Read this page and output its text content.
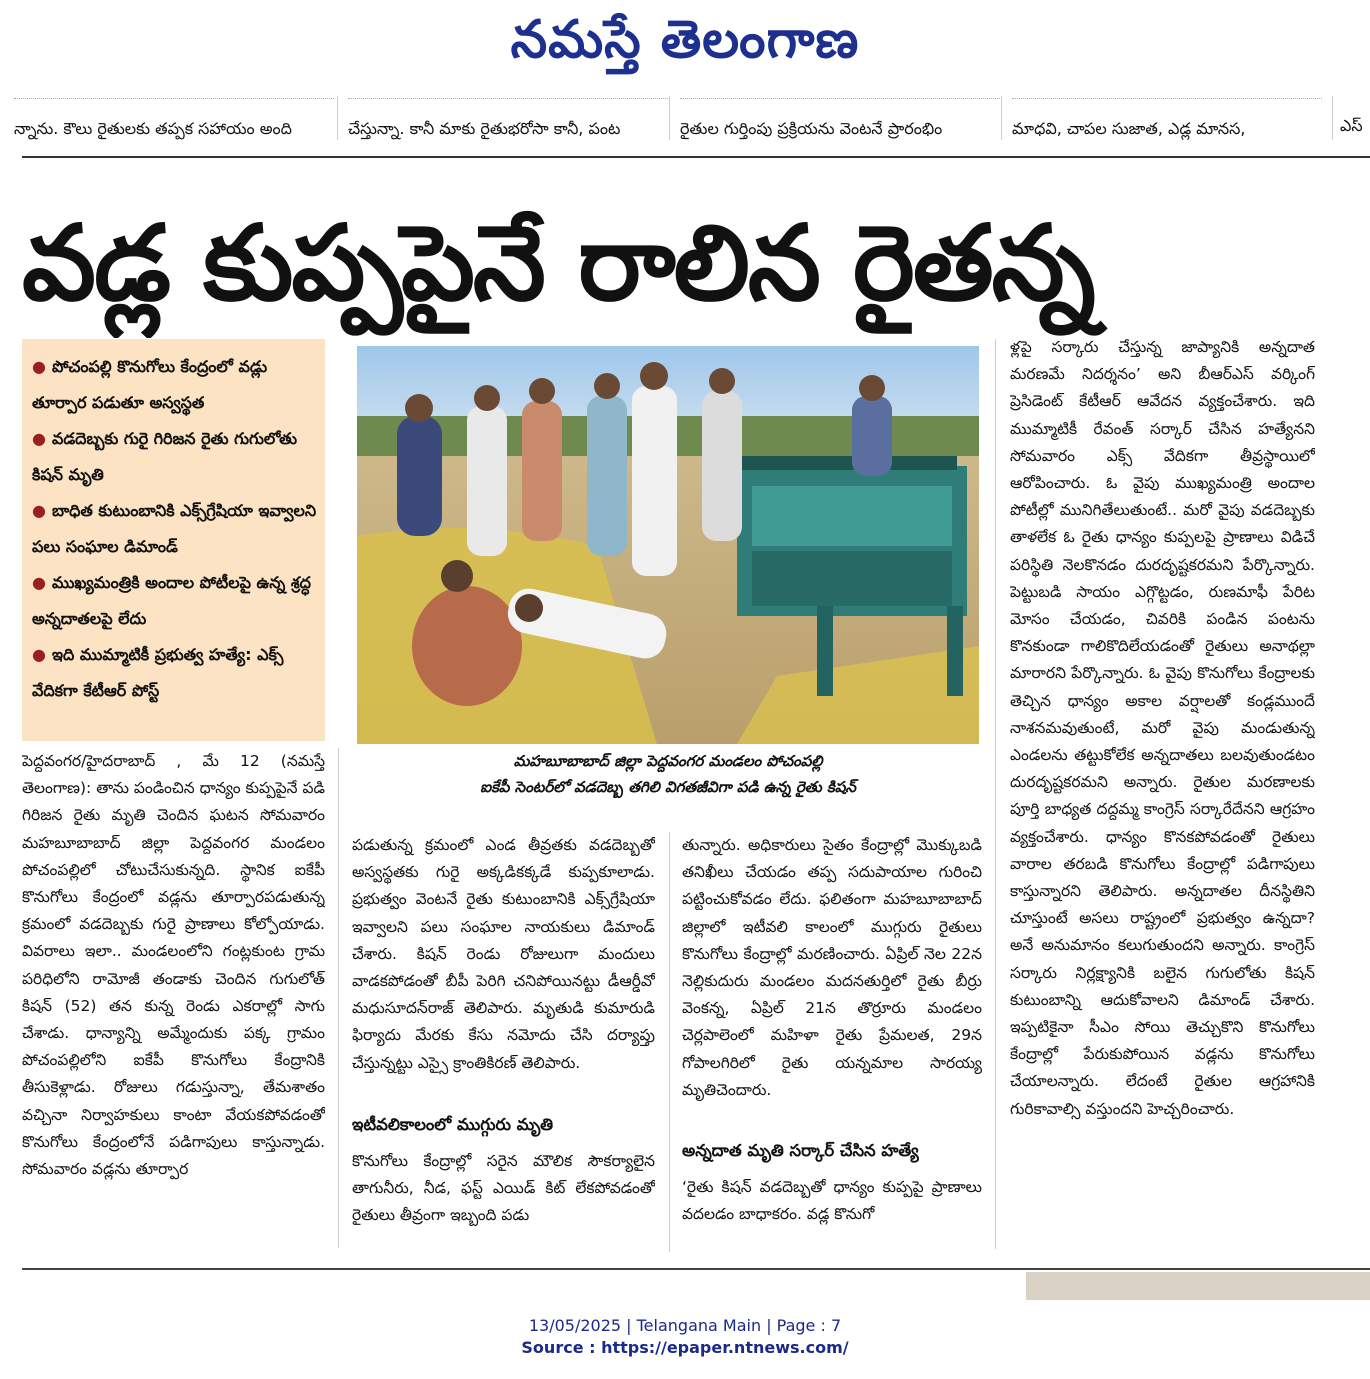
నమస్తే తెలంగాణ
న్నాను. కౌలు రైతులకు తప్పక సహాయం అంది	చేస్తున్నా. కానీ మాకు రైతుభరోసా కానీ, పంట	రైతుల గుర్తింపు ప్రక్రియను వెంటనే ప్రారంభిం	మాధవి, చాపల సుజాత, ఎడ్ల మానస,	ఎస్
వడ్ల కుప్పపైనే రాలిన రైతన్న
● పోచంపల్లి కొనుగోలు కేంద్రంలో వడ్లు తూర్పార పడుతూ అస్వస్థత
● వడదెబ్బకు గురై గిరిజన రైతు గుగులోతు కిషన్ మృతి
● బాధిత కుటుంబానికి ఎక్స్‌గ్రేషియా ఇవ్వాలని పలు సంఘాల డిమాండ్
● ముఖ్యమంత్రికి అందాల పోటీలపై ఉన్న శ్రద్ధ అన్నదాతలపై లేదు
● ఇది ముమ్మాటికీ ప్రభుత్వ హత్యే: ఎక్స్ వేదికగా కేటీఆర్ పోస్ట్
మహబూబాబాద్ జిల్లా పెద్దవంగర మండలం పోచంపల్లి
ఐకేపీ సెంటర్‌లో వడదెబ్బ తగిలి విగతజీవిగా పడి ఉన్న రైతు కిషన్
పెద్దవంగర/హైదరాబాద్ , మే 12 (నమస్తే తెలంగాణ): తాను పండించిన ధాన్యం కుప్పపైనే పడి గిరిజన రైతు మృతి చెందిన ఘటన సోమవారం మహబూబాబాద్ జిల్లా పెద్దవంగర మండలం పోచంపల్లిలో చోటుచేసుకున్నది. స్థానిక ఐకేపీ కొనుగోలు కేంద్రంలో వడ్లను తూర్పారపడుతున్న క్రమంలో వడదెబ్బకు గురై ప్రాణాలు కోల్పోయాడు. వివరాలు ఇలా.. మండలంలోని గంట్లకుంట గ్రామ పరిధిలోని రామోజీ తండాకు చెందిన గుగులోత్ కిషన్ (52) తన కున్న రెండు ఎకరాల్లో సాగు చేశాడు. ధాన్యాన్ని అమ్మేందుకు పక్క గ్రామం పోచంపల్లిలోని ఐకేపీ కొనుగోలు కేంద్రానికి తీసుకెళ్లాడు. రోజులు గడుస్తున్నా, తేమశాతం వచ్చినా నిర్వాహకులు కాంటా వేయకపోవడంతో కొనుగోలు కేంద్రంలోనే పడిగాపులు కాస్తున్నాడు. సోమవారం వడ్లను తూర్పార
పడుతున్న క్రమంలో ఎండ తీవ్రతకు వడదెబ్బతో అస్వస్థతకు గురై అక్కడికక్కడే కుప్పకూలాడు. ప్రభుత్వం వెంటనే రైతు కుటుంబానికి ఎక్స్‌గ్రేషియా ఇవ్వాలని పలు సంఘాల నాయకులు డిమాండ్ చేశారు. కిషన్ రెండు రోజులుగా మందులు వాడకపోడంతో బీపీ పెరిగి చనిపోయినట్టు డీఆర్డీవో మధుసూదన్‌రాజ్ తెలిపారు. మృతుడి కుమారుడి ఫిర్యాదు మేరకు కేసు నమోదు చేసి దర్యాప్తు చేస్తున్నట్టు ఎస్సై క్రాంతికిరణ్ తెలిపారు.
ఇటీవలికాలంలో ముగ్గురు మృతి
కొనుగోలు కేంద్రాల్లో సరైన మౌలిక సౌకర్యాలైన తాగునీరు, నీడ, ఫస్ట్ ఎయిడ్ కిట్ లేకపోవడంతో రైతులు తీవ్రంగా ఇబ్బంది పడు
తున్నారు. అధికారులు సైతం కేంద్రాల్లో మొక్కుబడి తనిఖీలు చేయడం తప్ప సదుపాయాల గురించి పట్టించుకోవడం లేదు. ఫలితంగా మహబూబాబాద్ జిల్లాలో ఇటీవలి కాలంలో ముగ్గురు రైతులు కొనుగోలు కేంద్రాల్లో మరణించారు. ఏప్రిల్ నెల 22న నెల్లికుదురు మండలం మదనతుర్తిలో రైతు బీర్రు వెంకన్న, ఏప్రిల్ 21న తొర్రూరు మండలం చెర్లపాలెంలో మహిళా రైతు ప్రేమలత, 29న గోపాలగిరిలో రైతు యన్నమాల సారయ్య మృతిచెందారు.
అన్నదాత మృతి సర్కార్ చేసిన హత్యే
‘రైతు కిషన్ వడదెబ్బతో ధాన్యం కుప్పపై ప్రాణాలు వదలడం బాధాకరం. వడ్ల కొనుగో
ళ్లపై సర్కారు చేస్తున్న జాప్యానికి అన్నదాత మరణమే నిదర్శనం’ అని బీఆర్‌ఎస్ వర్కింగ్ ప్రెసిడెంట్ కేటీఆర్ ఆవేదన వ్యక్తంచేశారు. ఇది ముమ్మాటికీ రేవంత్ సర్కార్ చేసిన హత్యేనని సోమవారం ఎక్స్ వేదికగా తీవ్రస్థాయిలో ఆరోపించారు. ఓ వైపు ముఖ్యమంత్రి అందాల పోటీల్లో మునిగితేలుతుంటే.. మరో వైపు వడదెబ్బకు తాళలేక ఓ రైతు ధాన్యం కుప్పలపై ప్రాణాలు విడిచే పరిస్థితి నెలకొనడం దురదృష్టకరమని పేర్కొన్నారు. పెట్టుబడి సాయం ఎగ్గొట్టడం, రుణమాఫీ పేరిట మోసం చేయడం, చివరికి పండిన పంటను కొనకుండా గాలికొదిలేయడంతో రైతులు అనాథల్లా మారారని పేర్కొన్నారు. ఓ వైపు కొనుగోలు కేంద్రాలకు తెచ్చిన ధాన్యం అకాల వర్షాలతో కండ్లముందే నాశనమవుతుంటే, మరో వైపు మండుతున్న ఎండలను తట్టుకోలేక అన్నదాతలు బలవుతుండటం దురదృష్టకరమని అన్నారు. రైతుల మరణాలకు పూర్తి బాధ్యత దద్దమ్మ కాంగ్రెస్ సర్కారేదేనని ఆగ్రహం వ్యక్తంచేశారు. ధాన్యం కొనకపోవడంతో రైతులు వారాల తరబడి కొనుగోలు కేంద్రాల్లో పడిగాపులు కాస్తున్నారని తెలిపారు. అన్నదాతల దీనస్థితిని చూస్తుంటే అసలు రాష్ట్రంలో ప్రభుత్వం ఉన్నదా? అనే అనుమానం కలుగుతుందని అన్నారు. కాంగ్రెస్ సర్కారు నిర్లక్ష్యానికి బలైన గుగులోతు కిషన్ కుటుంబాన్ని ఆదుకోవాలని డిమాండ్ చేశారు. ఇప్పటికైనా సీఎం సోయి తెచ్చుకొని కొనుగోలు కేంద్రాల్లో పేరుకుపోయిన వడ్లను కొనుగోలు చేయాలన్నారు. లేదంటే రైతుల ఆగ్రహానికి గురికావాల్సి వస్తుందని హెచ్చరించారు.
13/05/2025 | Telangana Main | Page : 7
Source : https://epaper.ntnews.com/
